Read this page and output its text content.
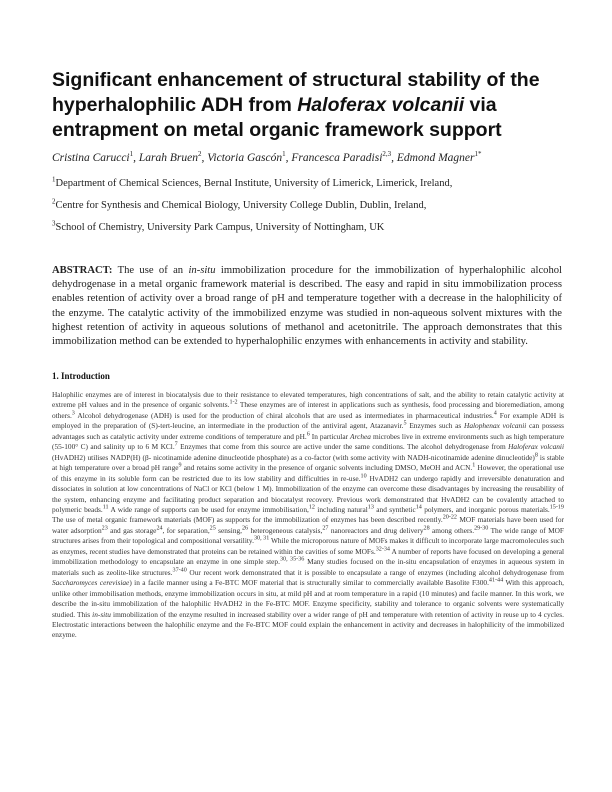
Significant enhancement of structural stability of the hyperhalophilic ADH from Haloferax volcanii via entrapment on metal organic framework support
Cristina Carucci$^1$, Larah Bruen$^2$, Victoria Gascón$^1$, Francesca Paradisi$^{2,3}$, Edmond Magner$^{1*}$
$^1$Department of Chemical Sciences, Bernal Institute, University of Limerick, Limerick, Ireland,
$^2$Centre for Synthesis and Chemical Biology, University College Dublin, Dublin, Ireland,
$^3$School of Chemistry, University Park Campus, University of Nottingham, UK
ABSTRACT: The use of an in-situ immobilization procedure for the immobilization of hyperhalophilic alcohol dehydrogenase in a metal organic framework material is described. The easy and rapid in situ immobilization process enables retention of activity over a broad range of pH and temperature together with a decrease in the halophilicity of the enzyme. The catalytic activity of the immobilized enzyme was studied in non-aqueous solvent mixtures with the highest retention of activity in aqueous solutions of methanol and acetonitrile. The approach demonstrates that this immobilization method can be extended to hyperhalophilic enzymes with enhancements in activity and stability.
1. Introduction

Halophilic enzymes are of interest in biocatalysis due to their resistance to elevated temperatures, high concentrations of salt, and the ability to retain catalytic activity at extreme pH values and in the presence of organic solvents.$^{1-2}$ These enzymes are of interest in applications such as synthesis, food processing and bioremediation, among others.$^3$ Alcohol dehydrogenase (ADH) is used for the production of chiral alcohols that are used as intermediates in pharmaceutical industries.$^4$ For example ADH is employed in the preparation of (S)-tert-leucine, an intermediate in the production of the antiviral agent, Atazanavir.$^5$ Enzymes such as Halophenax volcanii can possess advantages such as catalytic activity under extreme conditions of temperature and pH.$^6$ In particular Archea microbes live in extreme environments such as high temperature (55-100° C) and salinity up to 6 M KCl.$^7$ Enzymes that come from this source are active under the same conditions. The alcohol dehydrogenase from Haloferax volcanii (HvADH2) utilises NADP(H) (β- nicotinamide adenine dinucleotide phosphate) as a co-factor (with some activity with NADH-nicotinamide adenine dinucleotide)$^8$ is stable at high temperature over a broad pH range$^9$ and retains some activity in the presence of organic solvents including DMSO, MeOH and ACN.$^1$ However, the operational use of this enzyme in its soluble form can be restricted due to its low stability and difficulties in re-use.$^{10}$ HvADH2 can undergo rapidly and irreversible denaturation and dissociates in solution at low concentrations of NaCl or KCl (below 1 M). Immobilization of the enzyme can overcome these disadvantages by increasing the reusability of the system, enhancing enzyme and facilitating product separation and biocatalyst recovery. Previous work demonstrated that HvADH2 can be covalently attached to polymeric beads.$^{11}$ A wide range of supports can be used for enzyme immobilisation,$^{12}$ including natural$^{13}$ and synthetic$^{14}$ polymers, and inorganic porous materials.$^{15-19}$ The use of metal organic framework materials (MOF) as supports for the immobilization of enzymes has been described recently.$^{20-22}$ MOF materials have been used for water adsorption$^{23}$ and gas storage$^{24}$, for separation,$^{25}$ sensing,$^{26}$ heterogeneous catalysis,$^{27}$ nanoreactors and drug delivery$^{28}$ among others.$^{29-30}$ The wide range of MOF structures arises from their topological and compositional versatility.$^{30, 31}$ While the microporous nature of MOFs makes it difficult to incorporate large macromolecules such as enzymes, recent studies have demonstrated that proteins can be retained within the cavities of some MOFs.$^{32-34}$ A number of reports have focused on developing a general immobilization methodology to encapsulate an enzyme in one simple step.$^{30, 35-36}$ Many studies focused on the in-situ encapsulation of enzymes in aqueous system in materials such as zeolite-like structures.$^{37-40}$ Our recent work demonstrated that it is possible to encapsulate a range of enzymes (including alcohol dehydrogenase from Saccharomyces cerevisiae) in a facile manner using a Fe-BTC MOF material that is structurally similar to commercially available Basolite F300.$^{41-44}$ With this approach, unlike other immobilisation methods, enzyme immobilization occurs in situ, at mild pH and at room temperature in a rapid (10 minutes) and facile manner. In this work, we describe the in-situ immobilization of the halophilic HvADH2 in the Fe-BTC MOF. Enzyme specificity, stability and tolerance to organic solvents were systematically studied. This in-situ immobilization of the enzyme resulted in increased stability over a wider range of pH and temperature with retention of activity in reuse up to 4 cycles. Electrostatic interactions between the halophilic enzyme and the Fe-BTC MOF could explain the enhancement in activity and decreases in halophilicity of the immobilized enzyme.
